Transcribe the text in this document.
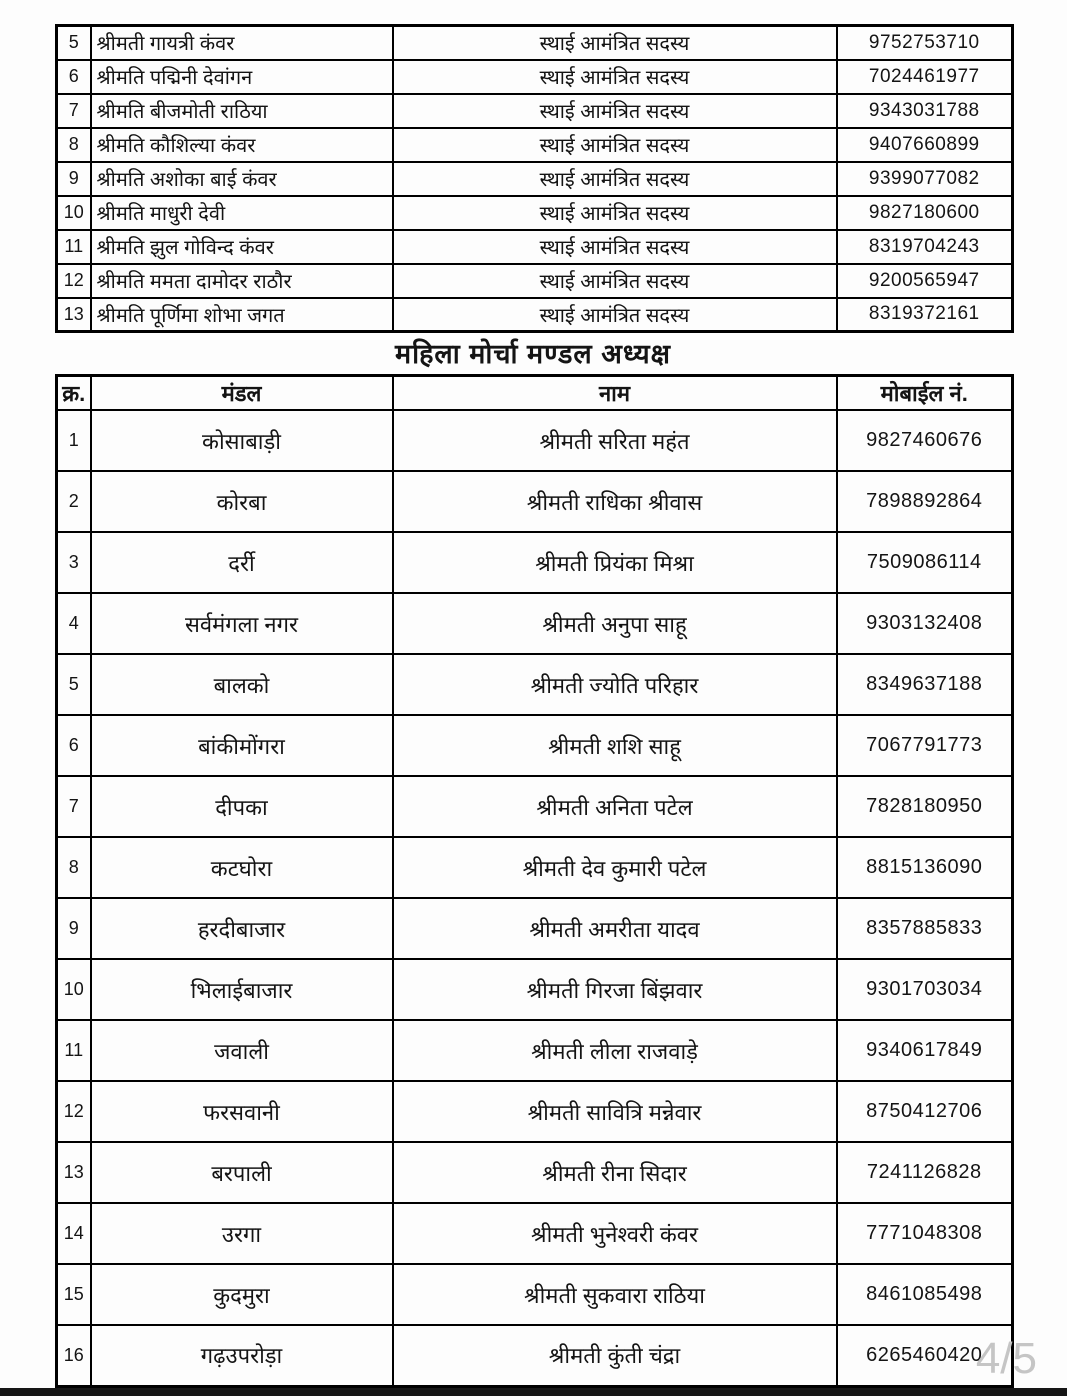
5	श्रीमती गायत्री कंवर	स्थाई आमंत्रित सदस्य	9752753710
6	श्रीमति पद्मिनी देवांगन	स्थाई आमंत्रित सदस्य	7024461977
7	श्रीमति बीजमोती राठिया	स्थाई आमंत्रित सदस्य	9343031788
8	श्रीमति कौशिल्या कंवर	स्थाई आमंत्रित सदस्य	9407660899
9	श्रीमति अशोका बाई कंवर	स्थाई आमंत्रित सदस्य	9399077082
10	श्रीमति माधुरी देवी	स्थाई आमंत्रित सदस्य	9827180600
11	श्रीमति झुल गोविन्द कंवर	स्थाई आमंत्रित सदस्य	8319704243
12	श्रीमति ममता दामोदर राठौर	स्थाई आमंत्रित सदस्य	9200565947
13	श्रीमति पूर्णिमा शोभा जगत	स्थाई आमंत्रित सदस्य	8319372161
महिला मोर्चा मण्डल अध्यक्ष
क्र.	मंडल	नाम	मोबाईल नं.
1	कोसाबाड़ी	श्रीमती सरिता महंत	9827460676
2	कोरबा	श्रीमती राधिका श्रीवास	7898892864
3	दर्री	श्रीमती प्रियंका मिश्रा	7509086114
4	सर्वमंगला नगर	श्रीमती अनुपा साहू	9303132408
5	बालको	श्रीमती ज्योति परिहार	8349637188
6	बांकीमोंगरा	श्रीमती शशि साहू	7067791773
7	दीपका	श्रीमती अनिता पटेल	7828180950
8	कटघोरा	श्रीमती देव कुमारी पटेल	8815136090
9	हरदीबाजार	श्रीमती अमरीता यादव	8357885833
10	भिलाईबाजार	श्रीमती गिरजा बिंझवार	9301703034
11	जवाली	श्रीमती लीला राजवाड़े	9340617849
12	फरसवानी	श्रीमती सावित्रि मन्नेवार	8750412706
13	बरपाली	श्रीमती रीना सिदार	7241126828
14	उरगा	श्रीमती भुनेश्वरी कंवर	7771048308
15	कुदमुरा	श्रीमती सुकवारा राठिया	8461085498
16	गढ़उपरोड़ा	श्रीमती कुंती चंद्रा	6265460420
4/5
